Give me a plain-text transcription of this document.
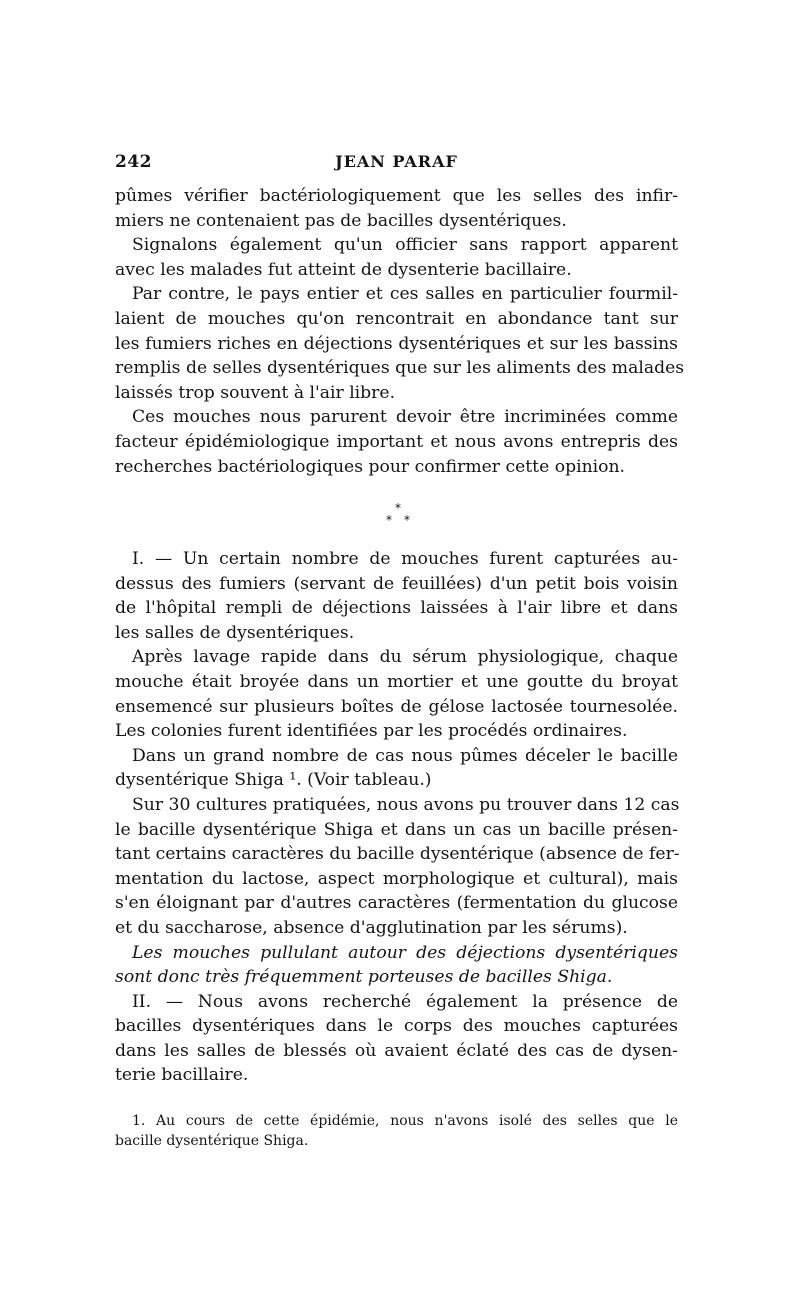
242	JEAN PARAF
pûmes vérifier bactériologiquement que les selles des infir-
miers ne contenaient pas de bacilles dysentériques.
Signalons également qu'un officier sans rapport apparent
avec les malades fut atteint de dysenterie bacillaire.
Par contre, le pays entier et ces salles en particulier fourmil-
laient de mouches qu'on rencontrait en abondance tant sur
les fumiers riches en déjections dysentériques et sur les bassins
remplis de selles dysentériques que sur les aliments des malades
laissés trop souvent à l'air libre.
Ces mouches nous parurent devoir être incriminées comme
facteur épidémiologique important et nous avons entrepris des
recherches bactériologiques pour confirmer cette opinion.
*
* *
I. — Un certain nombre de mouches furent capturées au-
dessus des fumiers (servant de feuillées) d'un petit bois voisin
de l'hôpital rempli de déjections laissées à l'air libre et dans
les salles de dysentériques.
Après lavage rapide dans du sérum physiologique, chaque
mouche était broyée dans un mortier et une goutte du broyat
ensemencé sur plusieurs boîtes de gélose lactosée tournesolée.
Les colonies furent identifiées par les procédés ordinaires.
Dans un grand nombre de cas nous pûmes déceler le bacille
dysentérique Shiga ¹. (Voir tableau.)
Sur 30 cultures pratiquées, nous avons pu trouver dans 12 cas
le bacille dysentérique Shiga et dans un cas un bacille présen-
tant certains caractères du bacille dysentérique (absence de fer-
mentation du lactose, aspect morphologique et cultural), mais
s'en éloignant par d'autres caractères (fermentation du glucose
et du saccharose, absence d'agglutination par les sérums).
Les mouches pullulant autour des déjections dysentériques
sont donc très fréquemment porteuses de bacilles Shiga.
II. — Nous avons recherché également la présence de
bacilles dysentériques dans le corps des mouches capturées
dans les salles de blessés où avaient éclaté des cas de dysen-
terie bacillaire.
1. Au cours de cette épidémie, nous n'avons isolé des selles que le
bacille dysentérique Shiga.
